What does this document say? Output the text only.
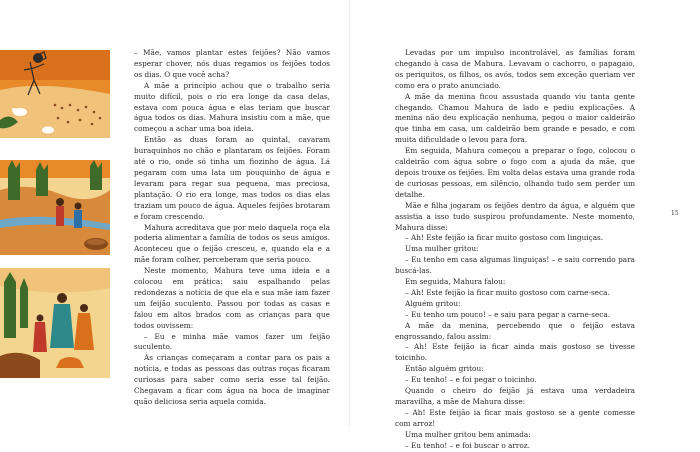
– Mãe, vamos plantar estes feijões? Não vamos esperar chover, nós duas regamos os feijões todos os dias. O que você acha?

A mãe a princípio achou que o trabalho seria muito difícil, pois o rio era longe da casa delas, estava com pouca água e elas teriam que buscar água todos os dias. Mahura insistiu com a mãe, que começou a achar uma boa ideia.

Então as duas foram ao quintal, cavaram buraquinhos no chão e plantaram os feijões. Foram até o rio, onde só tinha um fiozinho de água. Lá pegaram com uma lata um pouquinho de água e levaram para regar sua pequena, mas preciosa, plantação. O rio era longe, mas todos os dias elas traziam um pouco de água. Aqueles feijões brotaram e foram crescendo.

Mahura acreditava que por meio daquela roça ela poderia alimentar a família de todos os seus amigos. Aconteceu que o feijão cresceu, e, quando ela e a mãe foram colher, perceberam que seria pouco.

Neste momento, Mahura teve uma ideia e a colocou em prática: saiu espalhando pelas redondezas a notícia de que ela e sua mãe iam fazer um feijão suculento. Passou por todas as casas e falou em altos brados com as crianças para que todos ouvissem:

– Eu e minha mãe vamos fazer um feijão suculento.

As crianças começaram a contar para os pais a notícia, e todas as pessoas das outras roças ficaram curiosas para saber como seria esse tal feijão. Chegavam a ficar com água na boca de imaginar quão deliciosa seria aquela comida.

Levadas por um impulso incontrolável, as famílias foram chegando à casa de Mahura. Levavam o cachorro, o papagaio, os periquitos, os filhos, os avós, todos sem exceção queriam ver como era o prato anunciado.

A mãe da menina ficou assustada quando viu tanta gente chegando. Chamou Mahura de lado e pediu explicações. A menina não deu explicação nenhuma, pegou o maior caldeirão que tinha em casa, um caldeirão bem grande e pesado, e com muita dificuldade o levou para fora.

Em seguida, Mahura começou a preparar o fogo, colocou o caldeirão com água sobre o fogo com a ajuda da mãe, que depois trouxe os feijões. Em volta delas estava uma grande roda de curiosas pessoas, em silêncio, olhando tudo sem perder um detalhe.

Mãe e filha jogaram os feijões dentro da água, e alguém que assistia a isso tudo suspirou profundamente. Neste momento, Mahura disse:

– Ah! Este feijão ia ficar muito gostoso com linguiças.

Uma mulher gritou:

– Eu tenho em casa algumas linguiças! – e saiu correndo para buscá-las.

Em seguida, Mahura falou:

– Ah! Este feijão ia ficar muito gostoso com carne-seca.

Alguém gritou:

– Eu tenho um pouco! – e saiu para pegar a carne-seca.

A mãe da menina, percebendo que o feijão estava engrossando, falou assim:

– Ah! Este feijão ia ficar ainda mais gostoso se tivesse toicinho.

Então alguém gritou:

– Eu tenho! – e foi pegar o toicinho.

Quando o cheiro do feijão já estava uma verdadeira maravilha, a mãe de Mahura disse:

– Ah! Este feijão ia ficar mais gostoso se a gente comesse com arroz!

Uma mulher gritou bem animada:

– Eu tenho! – e foi buscar o arroz.

15
